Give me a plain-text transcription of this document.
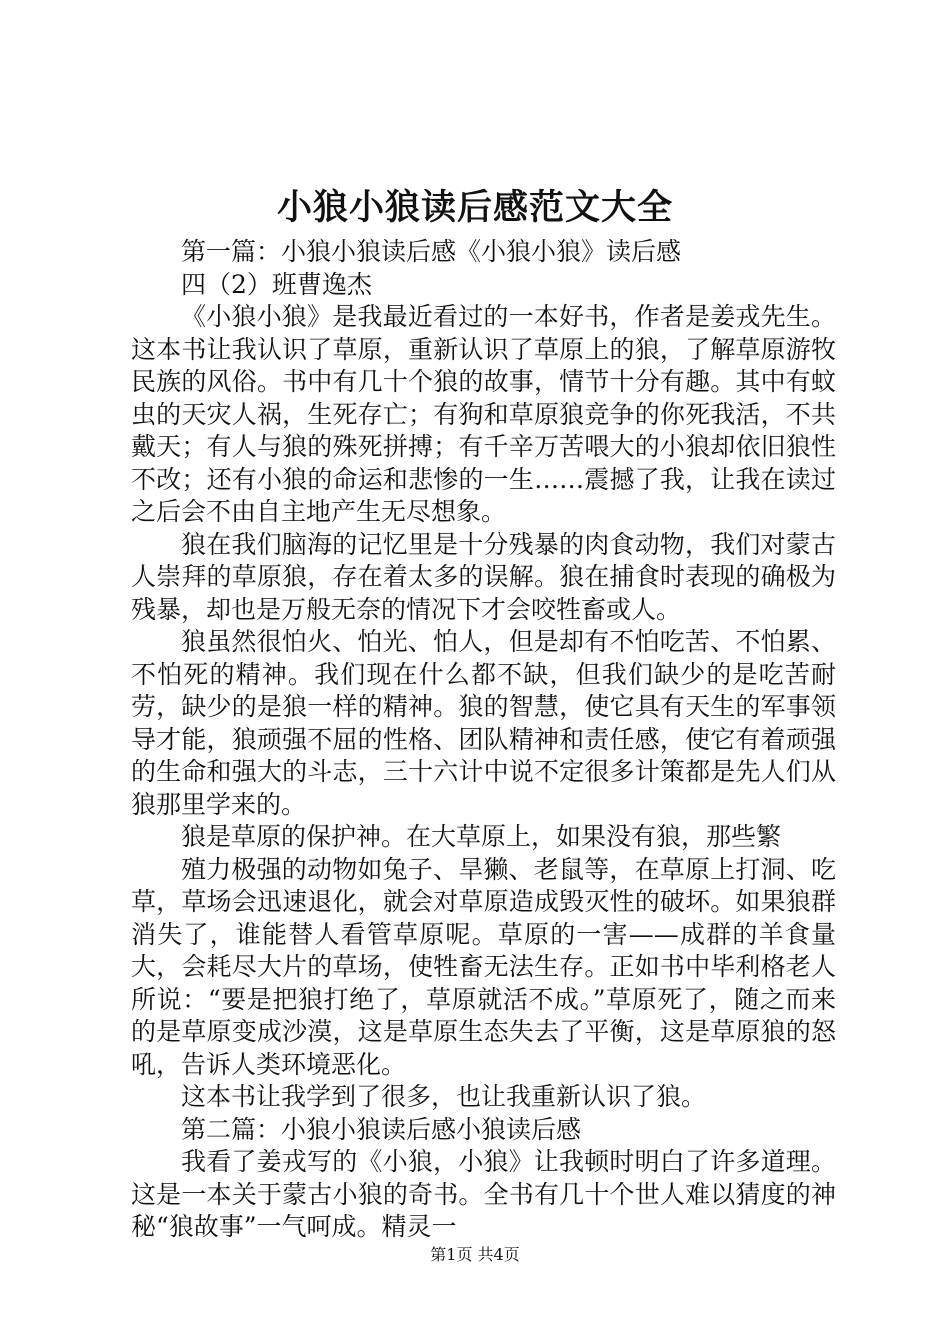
小狼小狼读后感范文大全

第一篇：小狼小狼读后感《小狼小狼》读后感

四（2）班曹逸杰

《小狼小狼》是我最近看过的一本好书，作者是姜戎先生。这本书让我认识了草原，重新认识了草原上的狼，了解草原游牧民族的风俗。书中有几十个狼的故事，情节十分有趣。其中有蚊虫的天灾人祸，生死存亡；有狗和草原狼竞争的你死我活，不共戴天；有人与狼的殊死拼搏；有千辛万苦喂大的小狼却依旧狼性不改；还有小狼的命运和悲惨的一生……震撼了我，让我在读过之后会不由自主地产生无尽想象。

狼在我们脑海的记忆里是十分残暴的肉食动物，我们对蒙古人崇拜的草原狼，存在着太多的误解。狼在捕食时表现的确极为残暴，却也是万般无奈的情况下才会咬牲畜或人。

狼虽然很怕火、怕光、怕人，但是却有不怕吃苦、不怕累、不怕死的精神。我们现在什么都不缺，但我们缺少的是吃苦耐劳，缺少的是狼一样的精神。狼的智慧，使它具有天生的军事领导才能，狼顽强不屈的性格、团队精神和责任感，使它有着顽强的生命和强大的斗志，三十六计中说不定很多计策都是先人们从狼那里学来的。

狼是草原的保护神。在大草原上，如果没有狼，那些繁

殖力极强的动物如兔子、旱獭、老鼠等，在草原上打洞、吃草，草场会迅速退化，就会对草原造成毁灭性的破坏。如果狼群消失了，谁能替人看管草原呢。草原的一害——成群的羊食量大，会耗尽大片的草场，使牲畜无法生存。正如书中毕利格老人所说：“要是把狼打绝了，草原就活不成。”草原死了，随之而来的是草原变成沙漠，这是草原生态失去了平衡，这是草原狼的怒吼，告诉人类环境恶化。

这本书让我学到了很多，也让我重新认识了狼。

第二篇：小狼小狼读后感小狼读后感

我看了姜戎写的《小狼，小狼》让我顿时明白了许多道理。这是一本关于蒙古小狼的奇书。全书有几十个世人难以猜度的神秘“狼故事”一气呵成。精灵一

第1页 共4页
